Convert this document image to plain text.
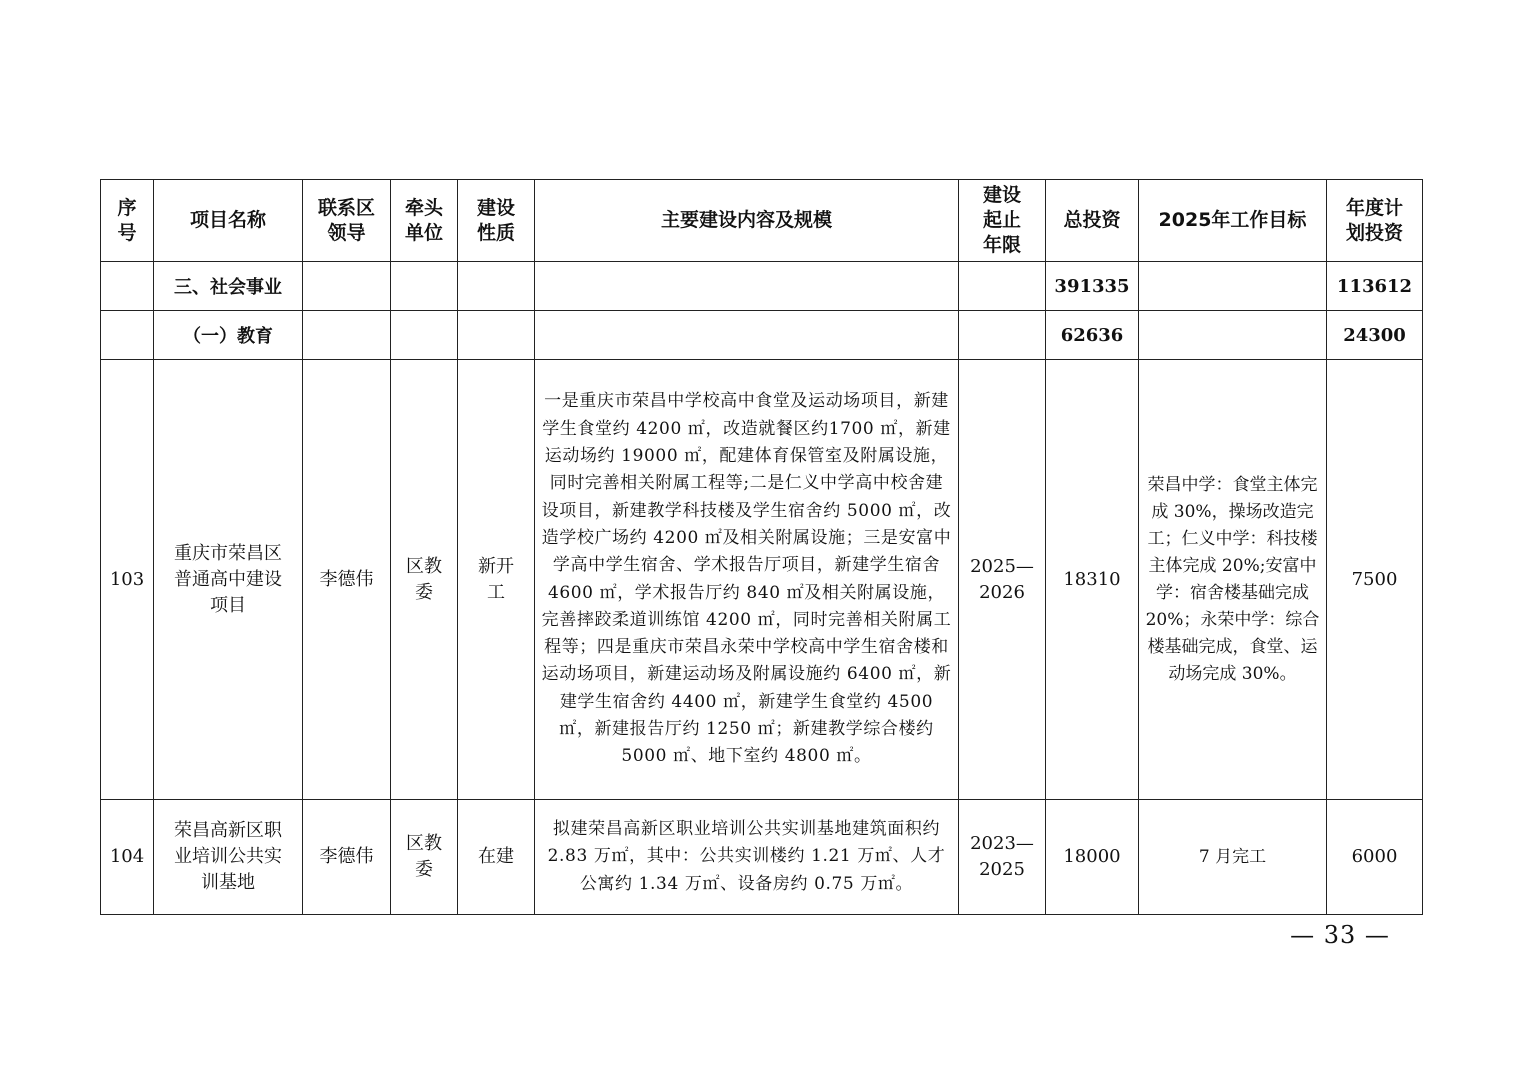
序号	项目名称	联系区领导	牵头单位	建设性质	主要建设内容及规模	建设起止年限	总投资	2025年工作目标	年度计划投资
	三、社会事业						391335		113612
	（一）教育						62636		24300
103	重庆市荣昌区普通高中建设项目	李德伟	区教委	新开工	一是重庆市荣昌中学校高中食堂及运动场项目，新建学生食堂约 4200 ㎡，改造就餐区约1700 ㎡，新建运动场约 19000 ㎡，配建体育保管室及附属设施，同时完善相关附属工程等;二是仁义中学高中校舍建设项目，新建教学科技楼及学生宿舍约 5000 ㎡，改造学校广场约 4200 ㎡及相关附属设施；三是安富中学高中学生宿舍、学术报告厅项目，新建学生宿舍 4600 ㎡，学术报告厅约 840 ㎡及相关附属设施，完善摔跤柔道训练馆 4200 ㎡，同时完善相关附属工程等；四是重庆市荣昌永荣中学校高中学生宿舍楼和运动场项目，新建运动场及附属设施约 6400 ㎡，新建学生宿舍约 4400 ㎡，新建学生食堂约 4500 ㎡，新建报告厅约 1250 ㎡；新建教学综合楼约 5000 ㎡、地下室约 4800 ㎡。	2025—2026	18310	荣昌中学：食堂主体完成 30%，操场改造完工；仁义中学：科技楼主体完成 20%;安富中学：宿舍楼基础完成 20%；永荣中学：综合楼基础完成，食堂、运动场完成 30%。	7500
104	荣昌高新区职业培训公共实训基地	李德伟	区教委	在建	拟建荣昌高新区职业培训公共实训基地建筑面积约 2.83 万㎡，其中：公共实训楼约 1.21 万㎡、人才公寓约 1.34 万㎡、设备房约 0.75 万㎡。	2023—2025	18000	7 月完工	6000
— 33 —
